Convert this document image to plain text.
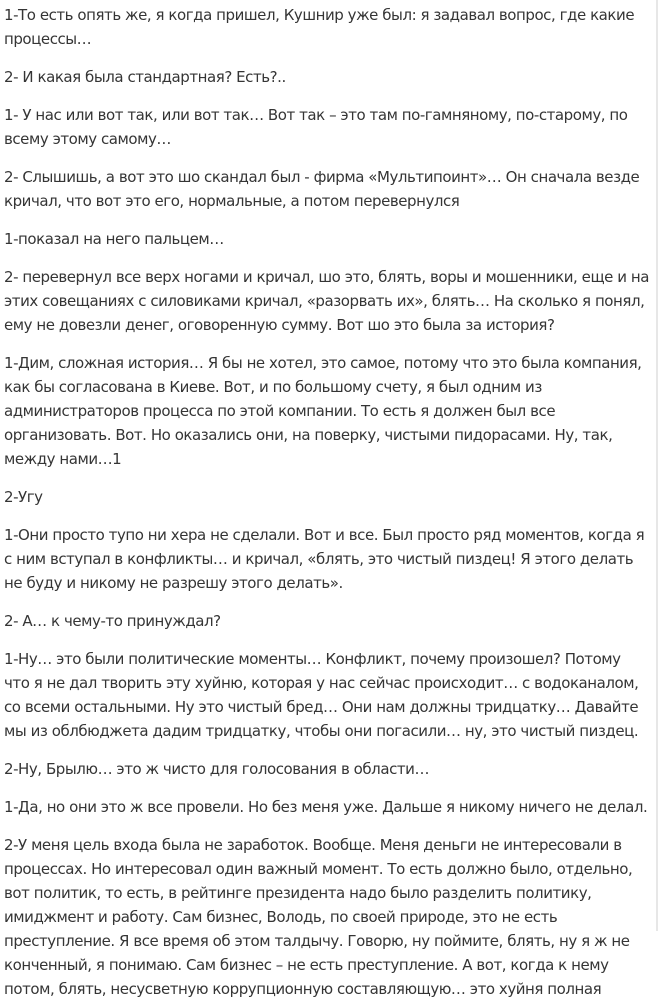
1-То есть опять же, я когда пришел, Кушнир уже был: я задавал вопрос, где какие процессы…

2- И какая была стандартная? Есть?..

1- У нас или вот так, или вот так… Вот так – это там по-гамняному, по-старому, по всему этому самому…

2- Слышишь, а вот это шо скандал был - фирма «Мультипоинт»… Он сначала везде кричал, что вот это его, нормальные, а потом перевернулся

1-показал на него пальцем…

2- перевернул все верх ногами и кричал, шо это, блять, воры и мошенники, еще и на этих совещаниях с силовиками кричал, «разорвать их», блять… На сколько я понял, ему не довезли денег, оговоренную сумму. Вот шо это была за история?

1-Дим, сложная история… Я бы не хотел, это самое, потому что это была компания, как бы согласована в Киеве. Вот, и по большому счету, я был одним из администраторов процесса по этой компании. То есть я должен был все организовать. Вот. Но оказались они, на поверку, чистыми пидорасами. Ну, так, между нами…1

2-Угу

1-Они просто тупо ни хера не сделали. Вот и все. Был просто ряд моментов, когда я с ним вступал в конфликты… и кричал, «блять, это чистый пиздец! Я этого делать не буду и никому не разрешу этого делать».

2- А… к чему-то принуждал?

1-Ну… это были политические моменты… Конфликт, почему произошел? Потому что я не дал творить эту хуйню, которая у нас сейчас происходит… с водоканалом, со всеми остальными. Ну это чистый бред… Они нам должны тридцатку… Давайте мы из облбюджета дадим тридцатку, чтобы они погасили… ну, это чистый пиздец.

2-Ну, Брылю… это ж чисто для голосования в области…

1-Да, но они это ж все провели. Но без меня уже. Дальше я никому ничего не делал.

2-У меня цель входа была не заработок. Вообще. Меня деньги не интересовали в процессах. Но интересовал один важный момент. То есть должно было, отдельно, вот политик, то есть, в рейтинге президента надо было разделить политику, имиджмент и работу. Сам бизнес, Володь, по своей природе, это не есть преступление. Я все время об этом талдычу. Говорю, ну поймите, блять, ну я ж не конченный, я понимаю. Сам бизнес – не есть преступление. А вот, когда к нему потом, блять, несусветную коррупционную составляющую… это хуйня полная
